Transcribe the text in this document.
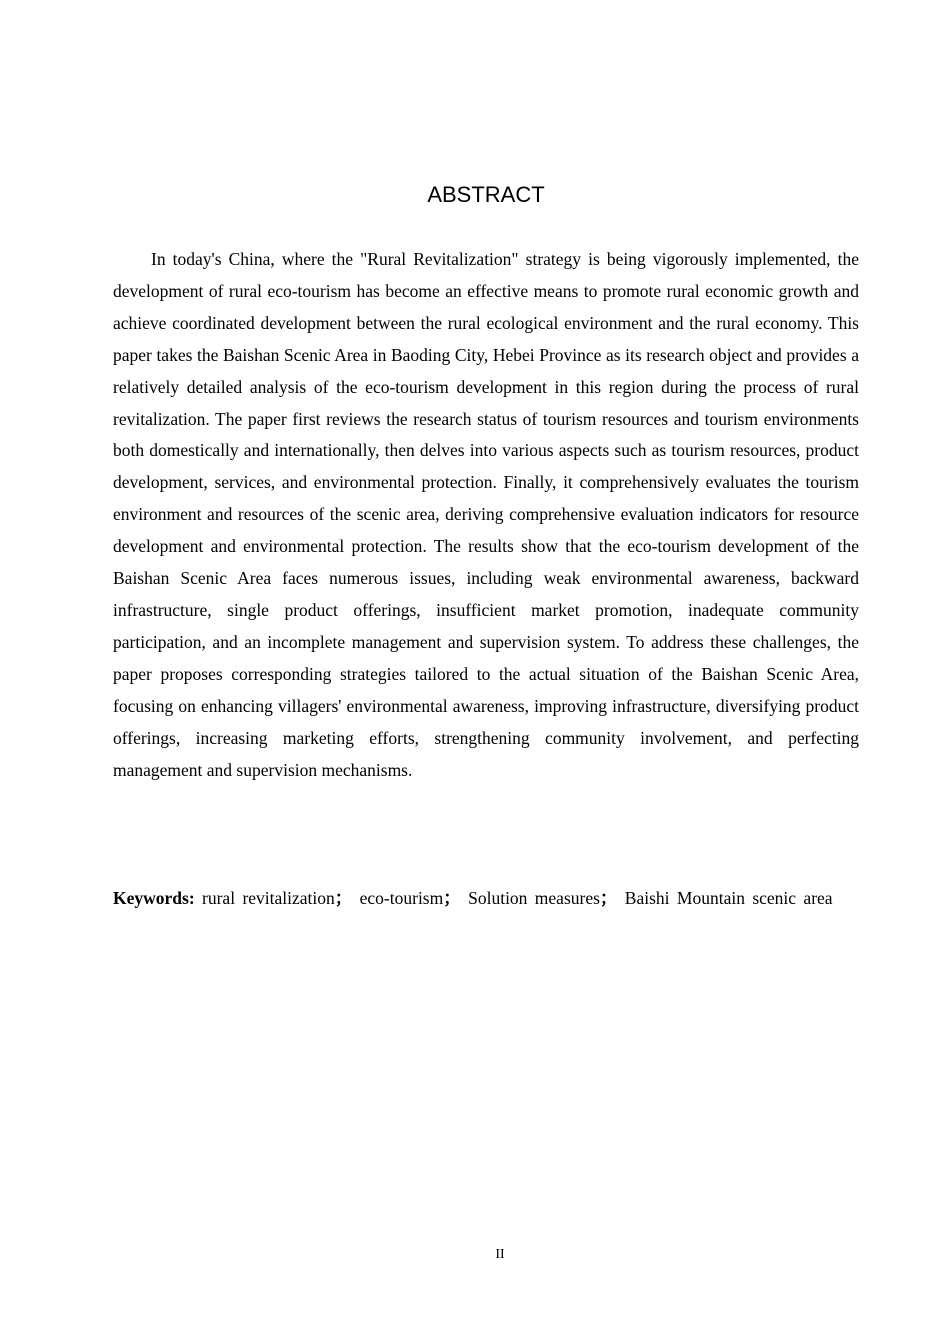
ABSTRACT

In today's China, where the "Rural Revitalization" strategy is being vigorously implemented, the development of rural eco-tourism has become an effective means to promote rural economic growth and achieve coordinated development between the rural ecological environment and the rural economy. This paper takes the Baishan Scenic Area in Baoding City, Hebei Province as its research object and provides a relatively detailed analysis of the eco-tourism development in this region during the process of rural revitalization. The paper first reviews the research status of tourism resources and tourism environments both domestically and internationally, then delves into various aspects such as tourism resources, product development, services, and environmental protection. Finally, it comprehensively evaluates the tourism environment and resources of the scenic area, deriving comprehensive evaluation indicators for resource development and environmental protection. The results show that the eco-tourism development of the Baishan Scenic Area faces numerous issues, including weak environmental awareness, backward infrastructure, single product offerings, insufficient market promotion, inadequate community participation, and an incomplete management and supervision system. To address these challenges, the paper proposes corresponding strategies tailored to the actual situation of the Baishan Scenic Area, focusing on enhancing villagers' environmental awareness, improving infrastructure, diversifying product offerings, increasing marketing efforts, strengthening community involvement, and perfecting management and supervision mechanisms.

Keywords: rural revitalization； eco-tourism； Solution measures； Baishi Mountain scenic area

II
